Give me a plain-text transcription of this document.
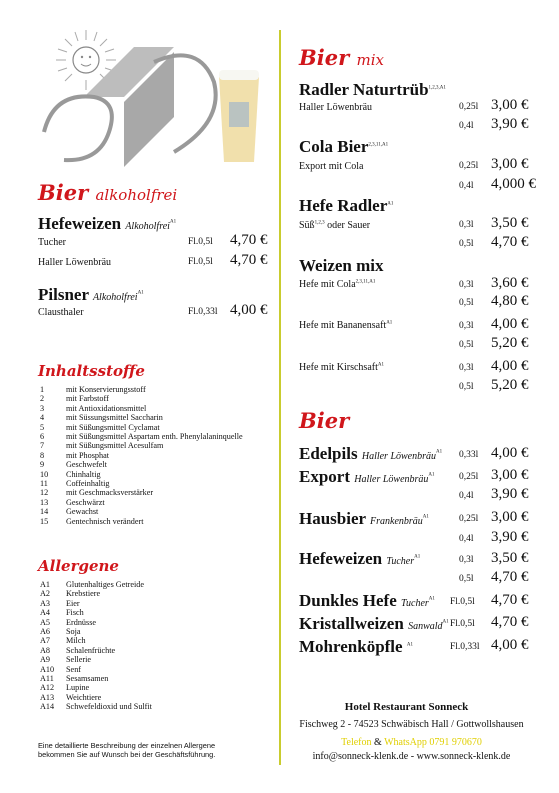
Bier alkoholfrei
Hefeweizen Alkoholfrei$^{A1}$
Tucher	Fl.0,5l 4,70 €
Haller Löwenbräu	Fl.0,5l 4,70 €
Pilsner Alkoholfrei$^{A1}$
Clausthaler	Fl.0,33l 4,00 €
Inhaltsstoffe
1	mit Konservierungsstoff
2	mit Farbstoff
3	mit Antioxidationsmittel
4	mit Süssungsmittel Saccharin
5	mit Süßungsmittel Cyclamat
6	mit Süßungsmittel Aspartam enth. Phenylalaninquelle
7	mit Süßungsmittel Acesulfam
8	mit Phosphat
9	Geschwefelt
10	Chinhaltig
11	Coffeinhaltig
12	mit Geschmacksverstärker
13	Geschwärzt
14	Gewachst
15	Gentechnisch verändert
Allergene
A1	Glutenhaltiges Getreide
A2	Krebstiere
A3	Eier
A4	Fisch
A5	Erdnüsse
A6	Soja
A7	Milch
A8	Schalenfrüchte
A9	Sellerie
A10	Senf
A11	Sesamsamen
A12	Lupine
A13	Weichtiere
A14	Schwefeldioxid und Sulfit
Eine detaillierte Beschreibung der einzelnen Allergene
bekommen Sie auf Wunsch bei der Geschäftsführung.
Bier mix
Radler Naturtrüb$^{1,2,3,A1}$
Haller Löwenbräu	0,25l 3,00 €
0,4l 3,90 €
Cola Bier$^{2,3,11,A1}$
Export mit Cola	0,25l 3,00 €
0,4l 4,000 €
Hefe Radler$^{A1}$
Süß$^{1,2,3}$ oder Sauer	0,3l 3,50 €
0,5l 4,70 €
Weizen mix
Hefe mit Cola$^{2,3,11,A1}$	0,3l 3,60 €
0,5l 4,80 €
Hefe mit Bananensaft$^{A1}$	0,3l 4,00 €
0,5l 5,20 €
Hefe mit Kirschsaft$^{A1}$	0,3l 4,00 €
0,5l 5,20 €
Bier
Edelpils Haller Löwenbräu$^{A1}$ 0,33l 4,00 €
Export Haller Löwenbräu$^{A1}$	0,25l 3,00 €
0,4l 3,90 €
Hausbier Frankenbräu$^{A1}$	0,25l 3,00 €
0,4l 3,90 €
Hefeweizen Tucher$^{A1}$	0,3l 3,50 €
0,5l 4,70 €
Dunkles Hefe Tucher$^{A1}$ Fl.0,5l 4,70 €
Kristallweizen Sanwald$^{A1}$ Fl.0,5l 4,70 €
Mohrenköpfle $^{A1}$	Fl.0,33l 4,00 €
Hotel Restaurant Sonneck
Fischweg 2 - 74523 Schwäbisch Hall / Gottwollshausen
Telefon & WhatsApp 0791 970670
info@sonneck-klenk.de - www.sonneck-klenk.de
